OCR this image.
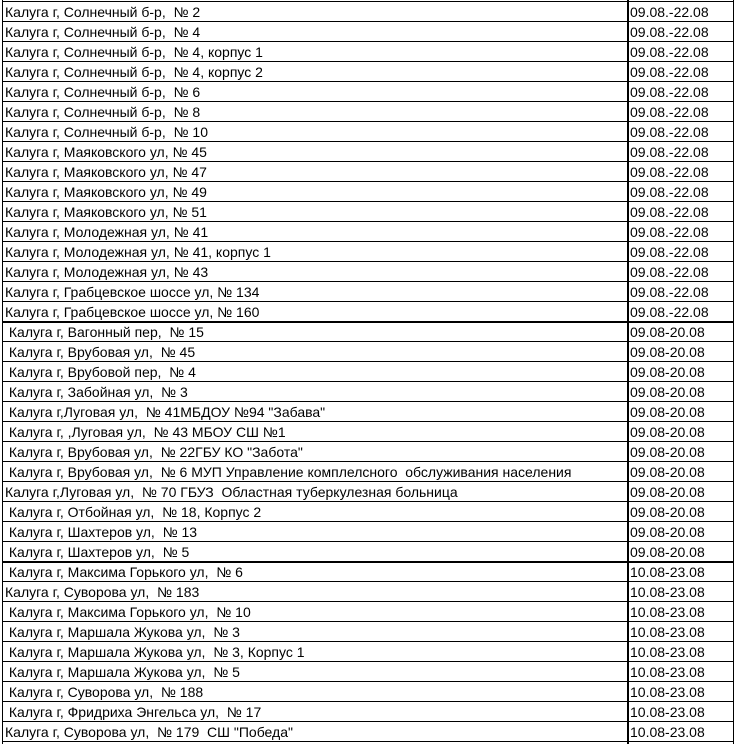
Калуга г, Солнечный б-р,  № 2	09.08.-22.08
Калуга г, Солнечный б-р,  № 4	09.08.-22.08
Калуга г, Солнечный б-р,  № 4, корпус 1	09.08.-22.08
Калуга г, Солнечный б-р,  № 4, корпус 2	09.08.-22.08
Калуга г, Солнечный б-р,  № 6	09.08.-22.08
Калуга г, Солнечный б-р,  № 8	09.08.-22.08
Калуга г, Солнечный б-р,  № 10	09.08.-22.08
Калуга г, Маяковского ул, № 45	09.08.-22.08
Калуга г, Маяковского ул, № 47	09.08.-22.08
Калуга г, Маяковского ул, № 49	09.08.-22.08
Калуга г, Маяковского ул, № 51	09.08.-22.08
Калуга г, Молодежная ул, № 41	09.08.-22.08
Калуга г, Молодежная ул, № 41, корпус 1	09.08.-22.08
Калуга г, Молодежная ул, № 43	09.08.-22.08
Калуга г, Грабцевское шоссе ул, № 134	09.08.-22.08
Калуга г, Грабцевское шоссе ул, № 160	09.08.-22.08
Калуга г, Вагонный пер,  № 15	09.08-20.08
Калуга г, Врубовая ул,  № 45	09.08-20.08
Калуга г, Врубовой пер,  № 4	09.08-20.08
Калуга г, Забойная ул,  № 3	09.08-20.08
Калуга г,Луговая ул,  № 41МБДОУ №94 "Забава"	09.08-20.08
Калуга г, ,Луговая ул,  № 43 МБОУ СШ №1	09.08-20.08
Калуга г, Врубовая ул,  № 22ГБУ КО "Забота"	09.08-20.08
Калуга г, Врубовая ул,  № 6 МУП Управление комплелсного  обслуживания населения	09.08-20.08
Калуга г,Луговая ул,  № 70 ГБУЗ  Областная туберкулезная больница	09.08-20.08
Калуга г, Отбойная ул,  № 18, Корпус 2	09.08-20.08
Калуга г, Шахтеров ул,  № 13	09.08-20.08
Калуга г, Шахтеров ул,  № 5	09.08-20.08
Калуга г, Максима Горького ул,  № 6	10.08-23.08
Калуга г, Суворова ул,  № 183	10.08-23.08
Калуга г, Максима Горького ул,  № 10	10.08-23.08
Калуга г, Маршала Жукова ул,  № 3	10.08-23.08
Калуга г, Маршала Жукова ул,  № 3, Корпус 1	10.08-23.08
Калуга г, Маршала Жукова ул,  № 5	10.08-23.08
Калуга г, Суворова ул,  № 188	10.08-23.08
Калуга г, Фридриха Энгельса ул,  № 17	10.08-23.08
Калуга г, Суворова ул,  № 179  СШ "Победа"	10.08-23.08
